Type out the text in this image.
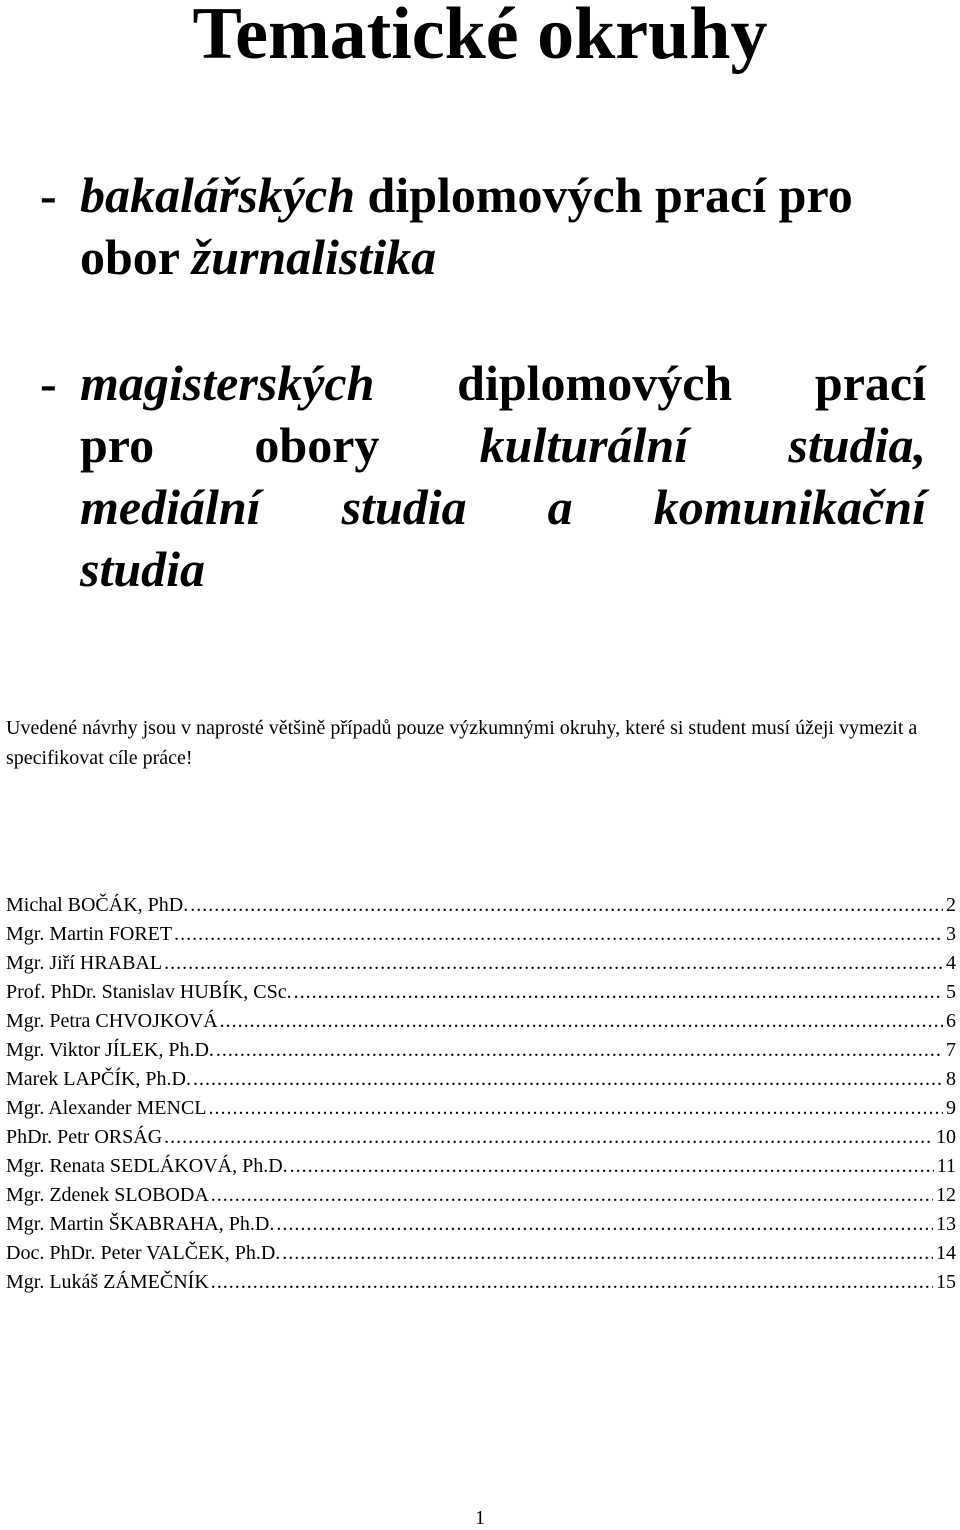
Tematické okruhy
- bakalářských diplomových prací pro
obor žurnalistika
- magisterských diplomových prací
pro obory kulturální studia,
mediální studia a komunikační
studia

Uvedené návrhy jsou v naprosté většině případů pouze výzkumnými okruhy, které si student musí úžeji vymezit a specifikovat cíle práce!

Michal BOČÁK, PhD. .....	2
Mgr. Martin FORET .....	3
Mgr. Jiří HRABAL .....	4
Prof. PhDr. Stanislav HUBÍK, CSc. .....	5
Mgr. Petra CHVOJKOVÁ .....	6
Mgr. Viktor JÍLEK, Ph.D. .....	7
Marek LAPČÍK, Ph.D. .....	8
Mgr. Alexander MENCL .....	9
PhDr. Petr ORSÁG .....	10
Mgr. Renata SEDLÁKOVÁ, Ph.D. .....	11
Mgr. Zdenek SLOBODA .....	12
Mgr. Martin ŠKABRAHA, Ph.D. .....	13
Doc. PhDr. Peter VALČEK, Ph.D. .....	14
Mgr. Lukáš ZÁMEČNÍK .....	15
1
